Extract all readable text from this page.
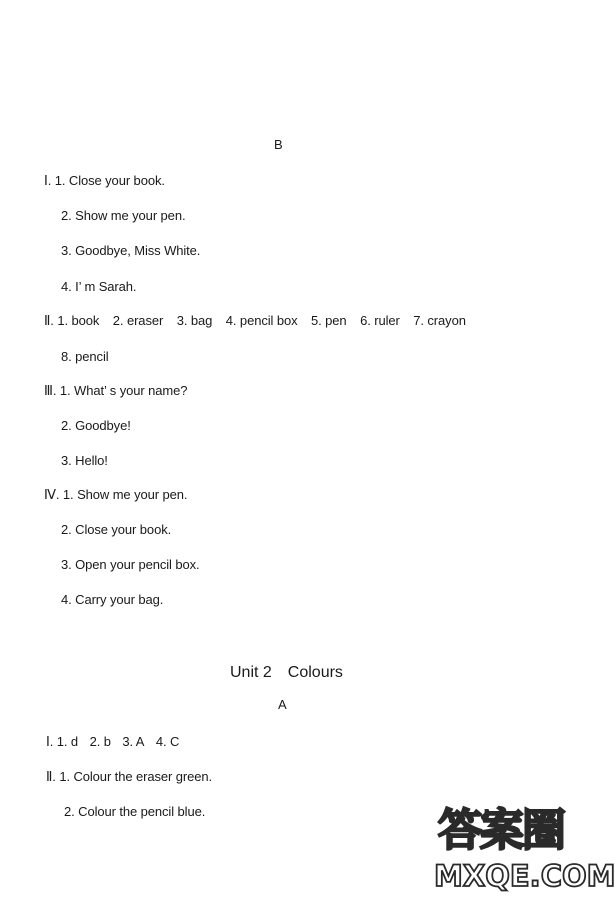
B
Ⅰ. 1. Close your book.
2. Show me your pen.
3. Goodbye, Miss White.
4. I’ m Sarah.
Ⅱ. 1. book 2. eraser 3. bag 4. pencil box 5. pen 6. ruler 7. crayon
8. pencil
Ⅲ. 1. What’ s your name?
2. Goodbye!
3. Hello!
Ⅳ. 1. Show me your pen.
2. Close your book.
3. Open your pencil box.
4. Carry your bag.
Unit 2　Colours
A
Ⅰ. 1. d 2. b 3. A 4. C
Ⅱ. 1. Colour the eraser green.
2. Colour the pencil blue.	答案圈
MXQE.COM
